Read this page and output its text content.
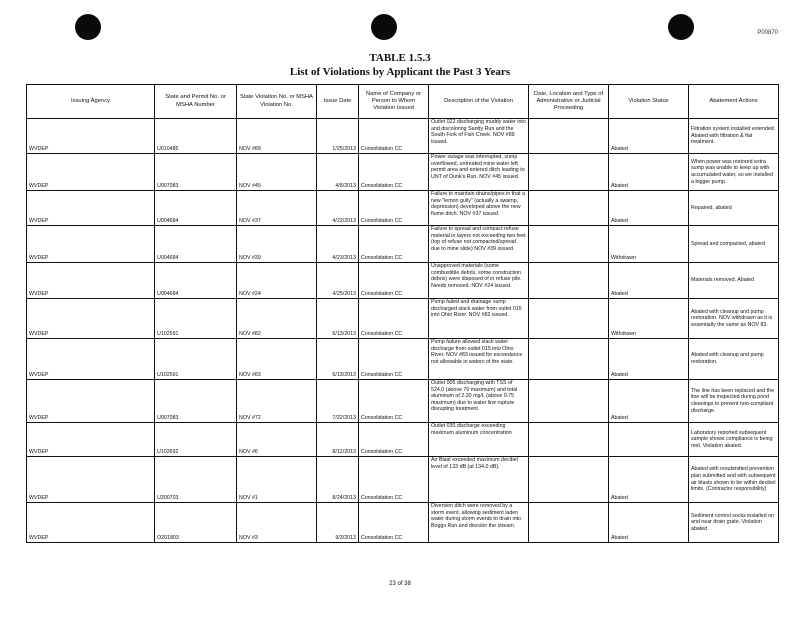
P00870
TABLE 1.5.3
List of Violations by Applicant the Past 3 Years
Issuing Agency	State and Permit No. or MSHA Number	State Violation No. or MSHA Violation No.	Issue Date	Name of Company or Person to Whom Violation Issued	Description of the Violation	Date, Location and Type of Administrative or Judicial Proceeding	Violation Status	Abatement Actions
WVDEP	U010485	NOV #89	1/25/2013	Consolidation CC	Outlet 022 discharging muddy water into and discoloring Sandy Run and the South Fork of Fish Creek. NOV #89 issued.		Abated	Filtration system installed extended. Abated with filtration & flat treatment.
WVDEP	U007083	NOV #45	4/8/2013	Consolidation CC	Power outage was interrupted, sump overflowed, untreated mine water left permit area and entered ditch leading to UNT of Dunk's Run. NOV #45 issued.		Abated	When power was restored extra sump was unable to keep up with accumulated water, so we installed a bigger pump.
WVDEP	U004684	NOV #37	4/22/2013	Consolidation CC	Failure to maintain drains/pipes in that a new "lemon gully" (actually a swamp, depression) developed above the new flume ditch. NOV #37 issued.		Abated	Repaired, abated
WVDEP	U004684	NOV #39	4/23/2013	Consolidation CC	Failure to spread and compact refuse material in layers not exceeding two feet (top of refuse not compacted/spread due to mine slide) NOV #39 issued.		Withdrawn	Spread and compacted, abated
WVDEP	U004684	NOV #24	4/25/2013	Consolidation CC	Unapproved materials (some combustible debris, some construction debris) were disposed of in refuse pile. Needs removed. NOV #24 issued.		Abated	Materials removed. Abated
WVDEP	U102591	NOV #82	6/13/2013	Consolidation CC	Pump failed and drainage sump discharged slack water from outlet 015 into Ohio River. NOV #82 issued.		Withdrawn	Abated with cleanup and pump restoration. NOV withdrawn as it is essentially the same as NOV 83.
WVDEP	U102591	NOV #83	6/13/2013	Consolidation CC	Pump failure allowed slack water discharge from outlet 015 into Ohio River. NOV #83 issued for exceedance not allowable in waters of the state.		Abated	Abated with cleanup and pump restoration.
WVDEP	U007083	NOV #72	7/22/2013	Consolidation CC	Outlet 005 discharging with TSS of 524.0 (above 70 maximum) and total aluminum of 2.20 mg/L (above 0.75 maximum) due to water line rupture disrupting treatment.		Abated	The line has been replaced and the line will be inspected during pond cleanings to prevent non-compliant discharge.
WVDEP	U102692	NOV #6	8/12/2013	Consolidation CC	Outlet 030 discharge exceeding maximum aluminum concentration			Laboratory reported subsequent sample shows compliance is being met. Violation abated.
WVDEP	U200703	NOV #1	8/24/2013	Consolidation CC	Air Blast exceeded maximum decibel level of 133 dB (at 134.0 dB).		Abated	Abated with resubmitted prevention plan submitted and with subsequent air blasts shown to be within decibel limits. (Contractor responsibility)
WVDEP	O201803	NOV #3	9/3/2013	Consolidation CC	Diversion ditch were removed by a storm event, allowing sediment laden water during storm events to drain into Boggs Run and discolor the stream.		Abated	Sediment control socks installed on and near drain grate. Violation abated.
23 of 38
